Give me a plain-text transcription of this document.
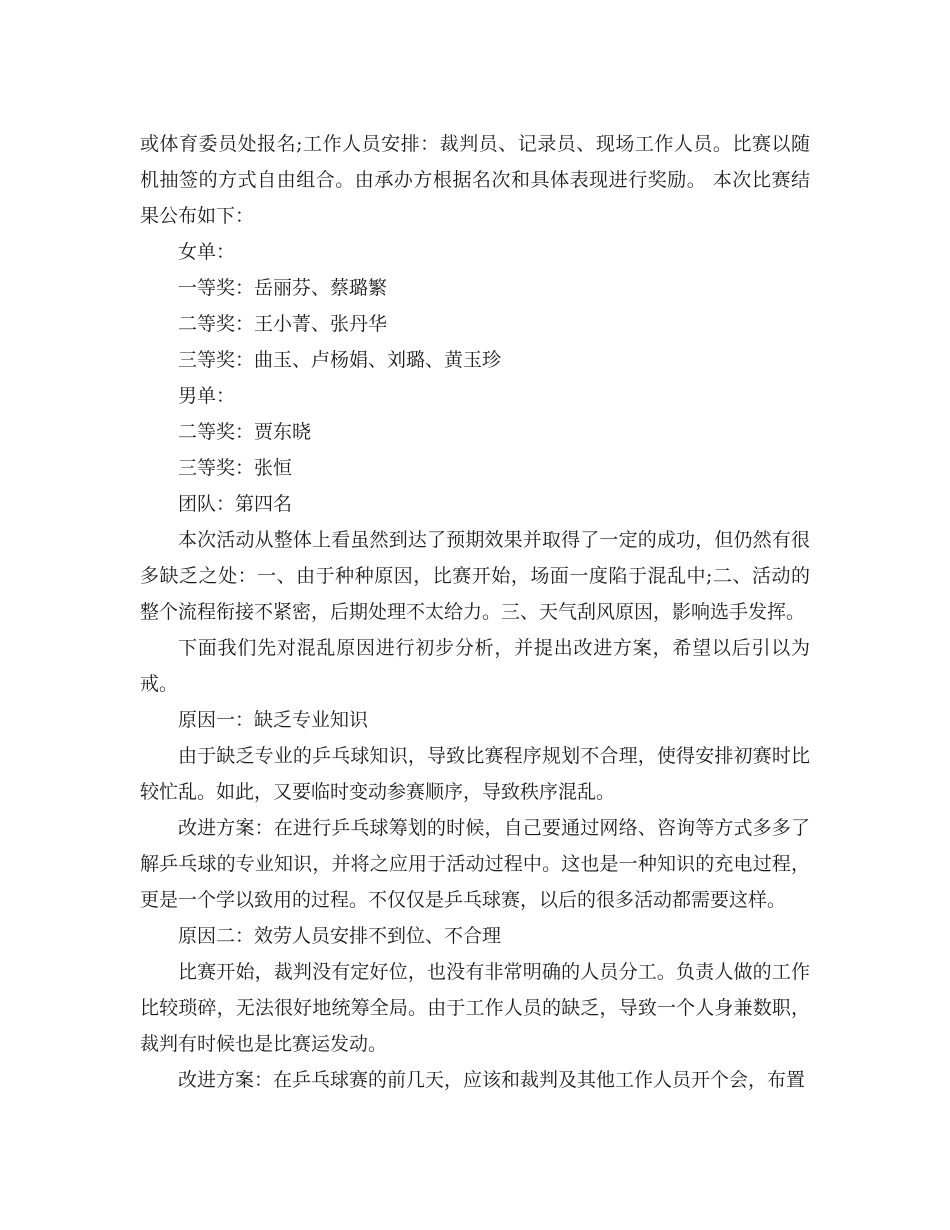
或体育委员处报名;工作人员安排：裁判员、记录员、现场工作人员。比赛以随机抽签的方式自由组合。由承办方根据名次和具体表现进行奖励。 本次比赛结果公布如下：

女单：

一等奖：岳丽芬、蔡璐繁

二等奖：王小菁、张丹华

三等奖：曲玉、卢杨娟、刘璐、黄玉珍

男单：

二等奖：贾东晓

三等奖：张恒

团队：第四名

本次活动从整体上看虽然到达了预期效果并取得了一定的成功，但仍然有很多缺乏之处：一、由于种种原因，比赛开始，场面一度陷于混乱中;二、活动的整个流程衔接不紧密，后期处理不太给力。三、天气刮风原因，影响选手发挥。

下面我们先对混乱原因进行初步分析，并提出改进方案，希望以后引以为戒。

原因一：缺乏专业知识

由于缺乏专业的乒乓球知识，导致比赛程序规划不合理，使得安排初赛时比较忙乱。如此，又要临时变动参赛顺序，导致秩序混乱。

改进方案：在进行乒乓球筹划的时候，自己要通过网络、咨询等方式多多了解乒乓球的专业知识，并将之应用于活动过程中。这也是一种知识的充电过程，更是一个学以致用的过程。不仅仅是乒乓球赛，以后的很多活动都需要这样。

原因二：效劳人员安排不到位、不合理

比赛开始，裁判没有定好位，也没有非常明确的人员分工。负责人做的工作比较琐碎，无法很好地统筹全局。由于工作人员的缺乏，导致一个人身兼数职，裁判有时候也是比赛运发动。

改进方案：在乒乓球赛的前几天，应该和裁判及其他工作人员开个会，布置
